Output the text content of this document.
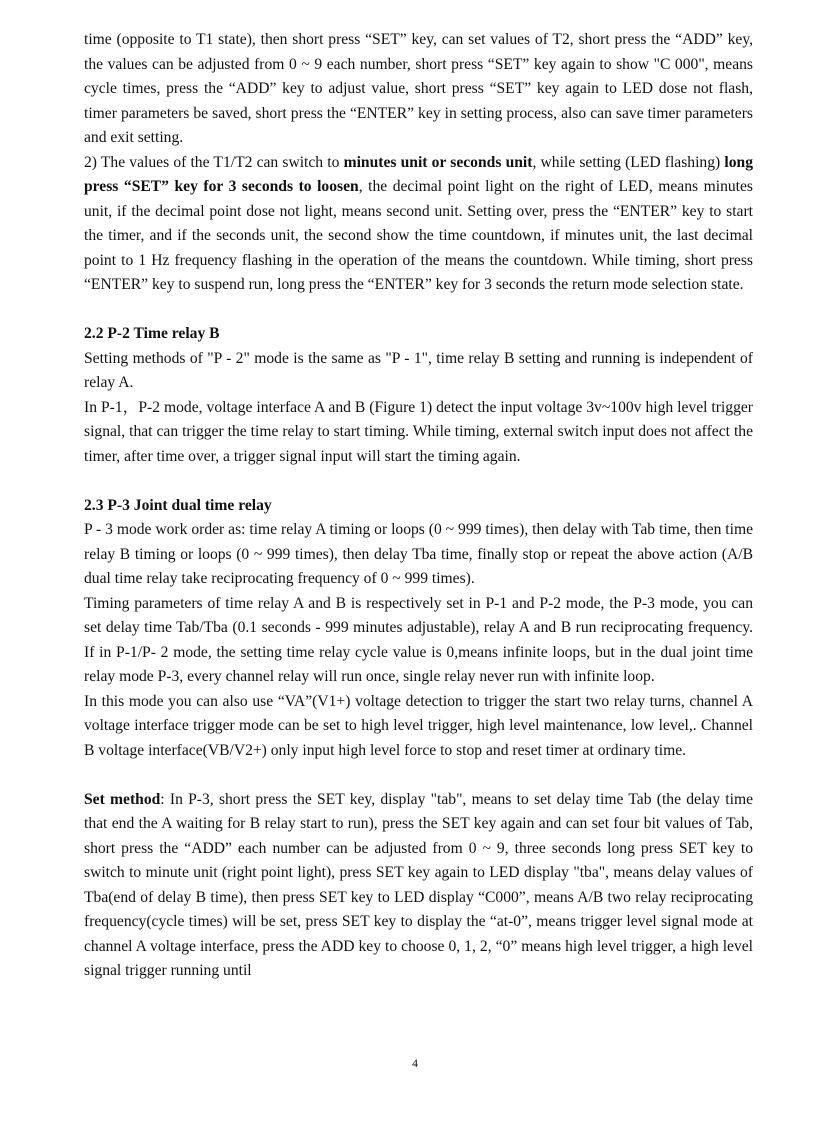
time (opposite to T1 state), then short press “SET” key, can set values of T2, short press the “ADD” key, the values can be adjusted from 0 ~ 9 each number, short press “SET” key again to show "C 000", means cycle times, press the “ADD” key to adjust value, short press “SET” key again to LED dose not flash, timer parameters be saved, short press the “ENTER” key in setting process, also can save timer parameters and exit setting.

2) The values of the T1/T2 can switch to minutes unit or seconds unit, while setting (LED flashing) long press “SET” key for 3 seconds to loosen, the decimal point light on the right of LED, means minutes unit, if the decimal point dose not light, means second unit. Setting over, press the “ENTER” key to start the timer, and if the seconds unit, the second show the time countdown, if minutes unit, the last decimal point to 1 Hz frequency flashing in the operation of the means the countdown. While timing, short press “ENTER” key to suspend run, long press the “ENTER” key for 3 seconds the return mode selection state.

2.2 P-2 Time relay B

Setting methods of "P - 2" mode is the same as "P - 1", time relay B setting and running is independent of relay A.

In P-1，P-2 mode, voltage interface A and B (Figure 1) detect the input voltage 3v~100v high level trigger signal, that can trigger the time relay to start timing. While timing, external switch input does not affect the timer, after time over, a trigger signal input will start the timing again.

2.3 P-3 Joint dual time relay

P - 3 mode work order as: time relay A timing or loops (0 ~ 999 times), then delay with Tab time, then time relay B timing or loops (0 ~ 999 times), then delay Tba time, finally stop or repeat the above action (A/B dual time relay take reciprocating frequency of 0 ~ 999 times).

Timing parameters of time relay A and B is respectively set in P-1 and P-2 mode, the P-3 mode, you can set delay time Tab/Tba (0.1 seconds - 999 minutes adjustable), relay A and B run reciprocating frequency. If in P-1/P- 2 mode, the setting time relay cycle value is 0,means infinite loops, but in the dual joint time relay mode P-3, every channel relay will run once, single relay never run with infinite loop.

In this mode you can also use “VA”(V1+) voltage detection to trigger the start two relay turns, channel A voltage interface trigger mode can be set to high level trigger, high level maintenance, low level,. Channel B voltage interface(VB/V2+) only input high level force to stop and reset timer at ordinary time.

Set method: In P-3, short press the SET key, display "tab", means to set delay time Tab (the delay time that end the A waiting for B relay start to run), press the SET key again and can set four bit values of Tab, short press the “ADD” each number can be adjusted from 0 ~ 9, three seconds long press SET key to switch to minute unit (right point light), press SET key again to LED display "tba", means delay values of Tba(end of delay B time), then press SET key to LED display “C000”, means A/B two relay reciprocating frequency(cycle times) will be set, press SET key to display the “at-0”, means trigger level signal mode at channel A voltage interface, press the ADD key to choose 0, 1, 2, “0” means high level trigger, a high level signal trigger running until

4
